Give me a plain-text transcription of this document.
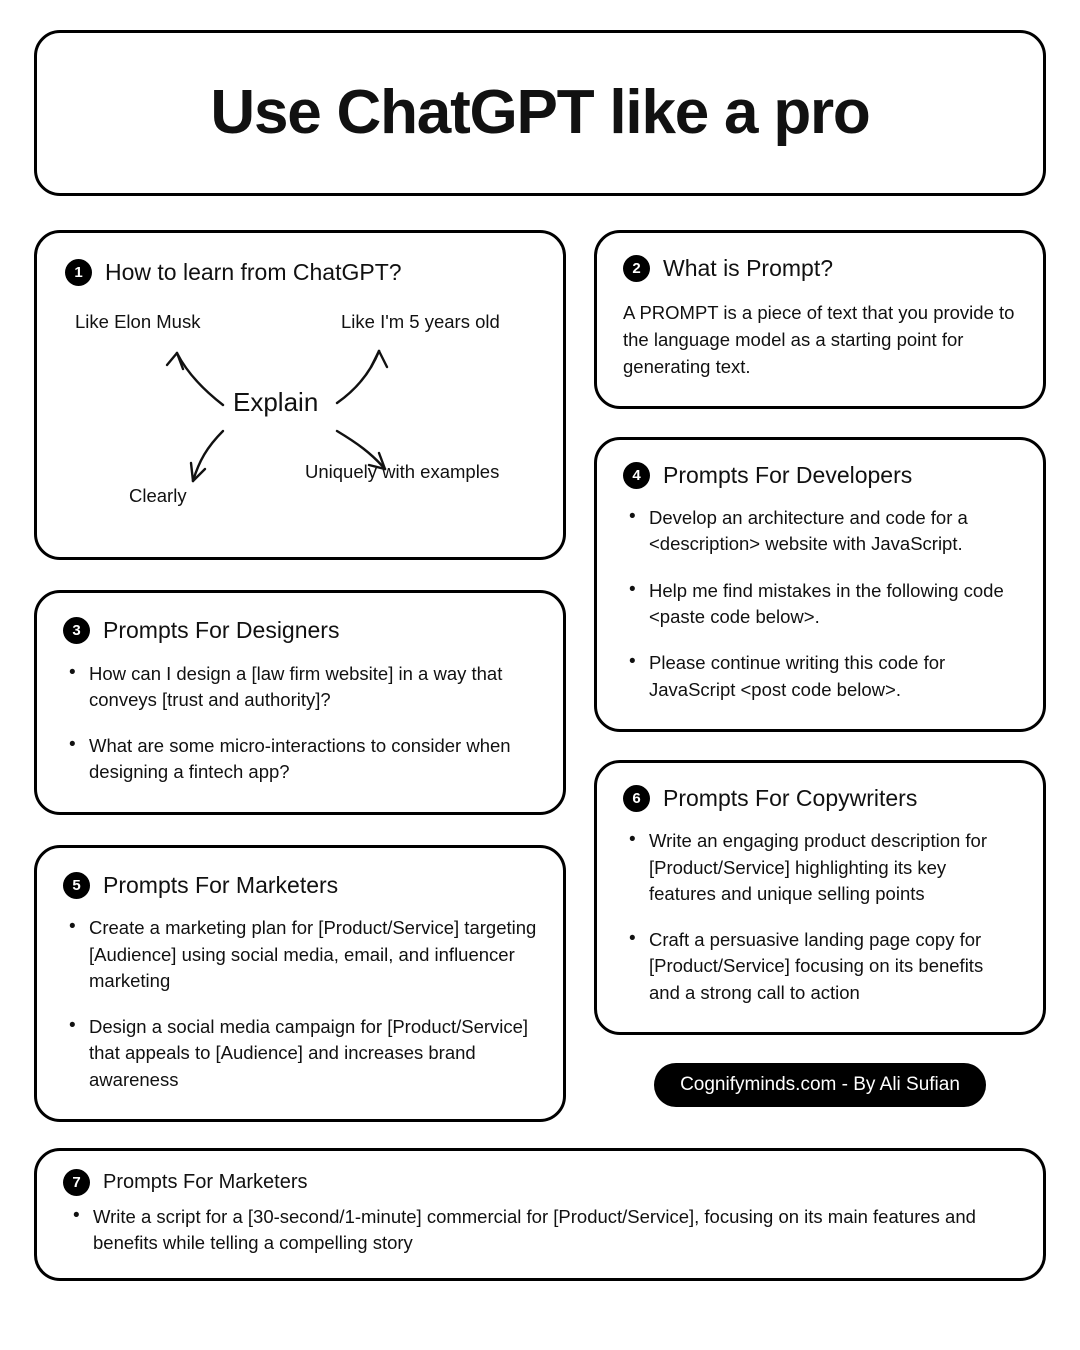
Use ChatGPT like a pro
1 How to learn from ChatGPT?
Explain
Like Elon Musk	Like I'm 5 years old
Clearly
Uniquely with examples
3 Prompts For Designers
• How can I design a [law firm website] in a way that conveys [trust and authority]?
• What are some micro-interactions to consider when designing a fintech app?
5 Prompts For Marketers
• Create a marketing plan for [Product/Service] targeting [Audience] using social media, email, and influencer marketing
• Design a social media campaign for [Product/Service] that appeals to [Audience] and increases brand awareness
2 What is Prompt?

A PROMPT is a piece of text that you provide to the language model as a starting point for generating text.

4 Prompts For Developers
• Develop an architecture and code for a <description> website with JavaScript.
• Help me find mistakes in the following code <paste code below>.
• Please continue writing this code for JavaScript <post code below>.
6 Prompts For Copywriters
• Write an engaging product description for [Product/Service] highlighting its key features and unique selling points
• Craft a persuasive landing page copy for [Product/Service] focusing on its benefits and a strong call to action
Cognifyminds.com - By Ali Sufian
7	Prompts For Marketers
• Write a script for a [30-second/1-minute] commercial for [Product/Service], focusing on its main features and benefits while telling a compelling story
